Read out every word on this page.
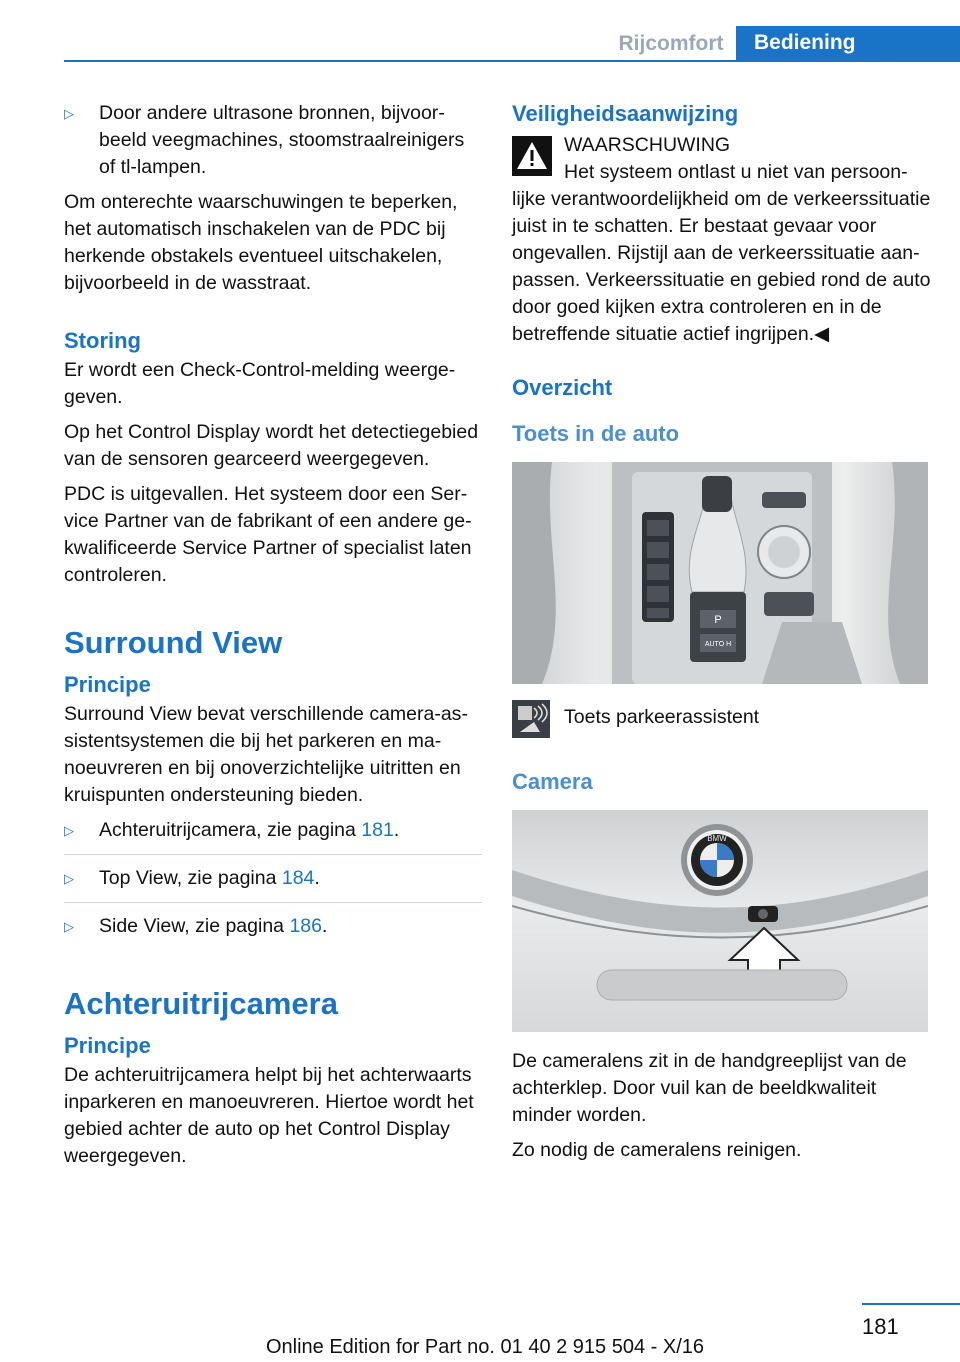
Rijcomfort	Bediening
▷ Door andere ultrasone bronnen, bijvoorbeeld veegmachines, stoomstraalreinigers of tl-lampen.

Om onterechte waarschuwingen te beperken, het automatisch inschakelen van de PDC bij herkende obstakels eventueel uitschakelen, bijvoorbeeld in de wasstraat.

Storing

Er wordt een Check-Control-melding weergegeven.

Op het Control Display wordt het detectiegebied van de sensoren gearceerd weergegeven.

PDC is uitgevallen. Het systeem door een Service Partner van de fabrikant of een andere gekwalificeerde Service Partner of specialist laten controleren.

Surround View
Principe

Surround View bevat verschillende camera-assistentsystemen die bij het parkeren en manoeuvreren en bij onoverzichtelijke uitritten en kruispunten ondersteuning bieden.

▷ Achteruitrijcamera, zie pagina 181.
▷ Top View, zie pagina 184.
▷ Side View, zie pagina 186.
Achteruitrijcamera
Principe

De achteruitrijcamera helpt bij het achterwaarts inparkeren en manoeuvreren. Hiertoe wordt het gebied achter de auto op het Control Display weergegeven.

Veiligheidsaanwijzing

WAARSCHUWING

Het systeem ontlast u niet van persoonlijke verantwoordelijkheid om de verkeerssituatie juist in te schatten. Er bestaat gevaar voor ongevallen. Rijstijl aan de verkeerssituatie aanpassen. Verkeerssituatie en gebied rond de auto door goed kijken extra controleren en in de betreffende situatie actief ingrijpen.◀

Overzicht
Toets in de auto
P
AUTO H

Toets parkeerassistent

Camera
BMW

De cameralens zit in de handgreeplijst van de achterklep. Door vuil kan de beeldkwaliteit minder worden.

Zo nodig de cameralens reinigen.

181
Online Edition for Part no. 01 40 2 915 504 - X/16
